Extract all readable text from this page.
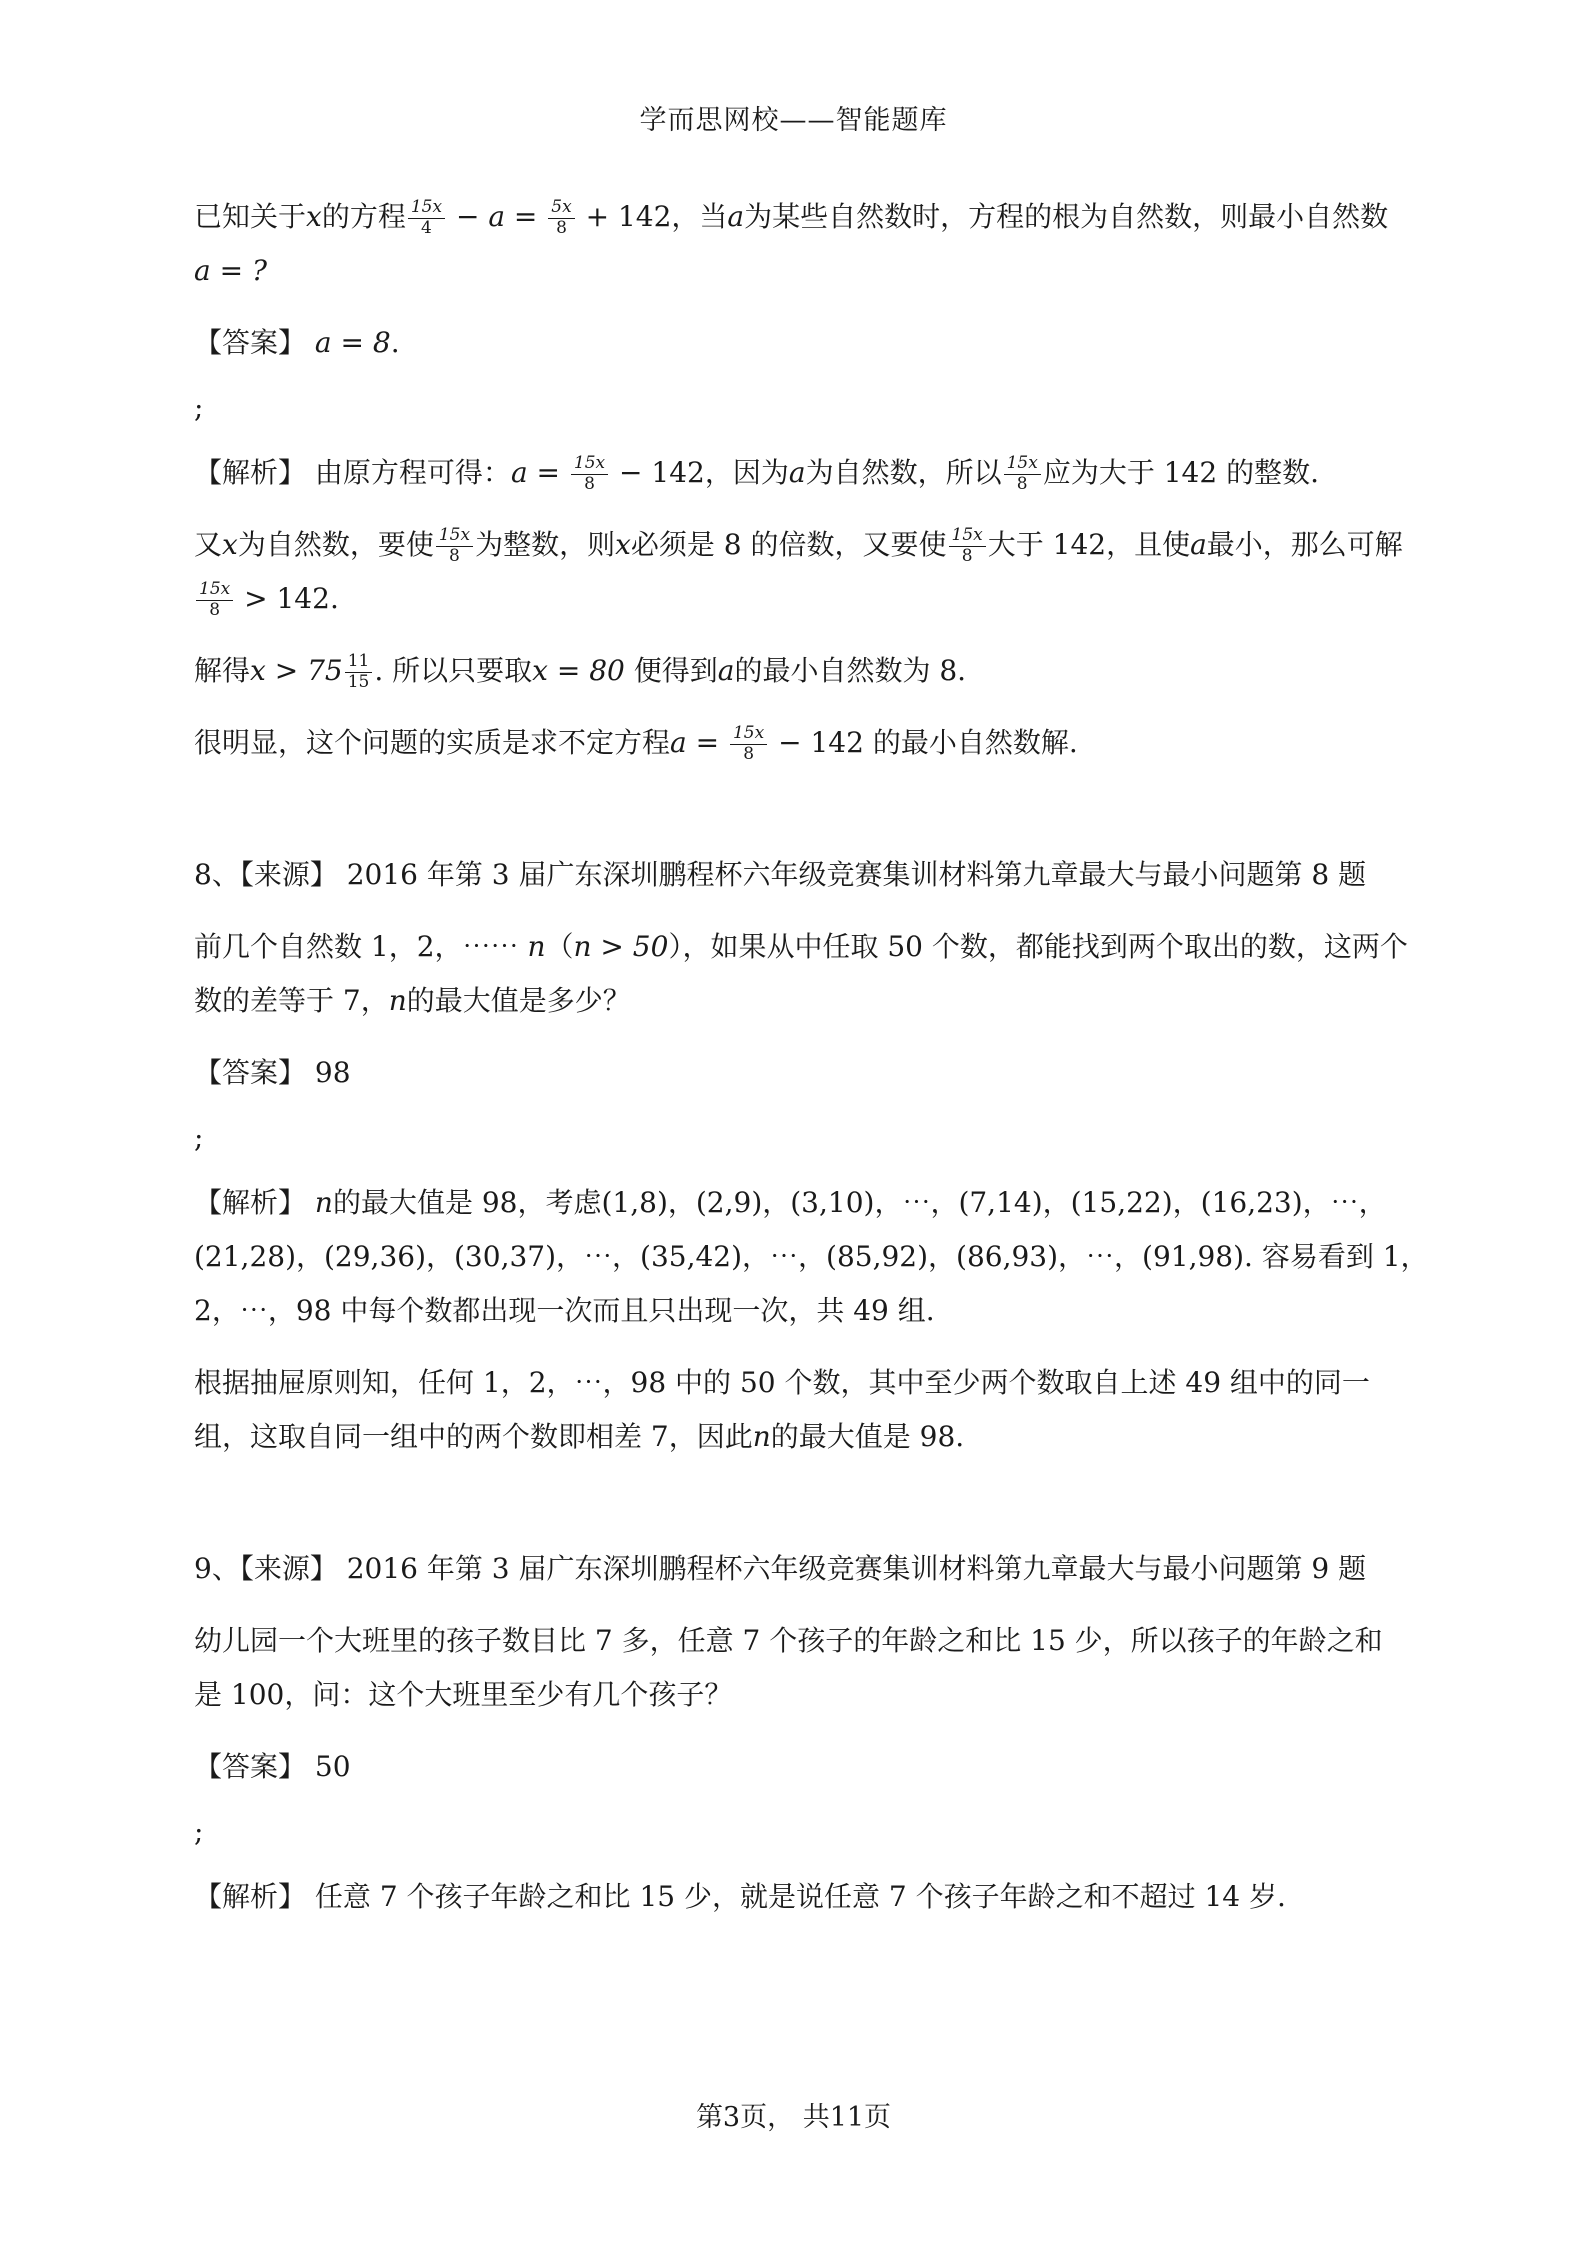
学而思网校——智能题库
已知关于x的方程 $\frac{15x}{4} - a = \frac{5x}{8} + 142$，当a为某些自然数时，方程的根为自然数，则最小自然数
a = ?
【答案】 a = 8.
;
【解析】 由原方程可得：$a = \frac{15x}{8} - 142$，因为a为自然数，所以 $\frac{15x}{8}$ 应为大于 142 的整数.
又x为自然数，要使 $\frac{15x}{8}$ 为整数，则x必须是 8 的倍数，又要使 $\frac{15x}{8}$ 大于 142，且使a最小，那么可解
$\frac{15x}{8} > 142$.
解得$x > 75 \frac{11}{15}$ . 所以只要取x = 80 便得到a的最小自然数为 8.
很明显，这个问题的实质是求不定方程$a = \frac{15x}{8} - 142$ 的最小自然数解.
8、【来源】 2016 年第 3 届广东深圳鹏程杯六年级竞赛集训材料第九章最大与最小问题第 8 题
前几个自然数 1，2，⋯⋯ n（n > 50），如果从中任取 50 个数，都能找到两个取出的数，这两个
数的差等于 7，n的最大值是多少？
【答案】 98
;
【解析】 n的最大值是 98，考虑(1,8)，(2,9)，(3,10)，⋯，(7,14)，(15,22)，(16,23)，⋯，
(21,28)，(29,36)，(30,37)，⋯，(35,42)，⋯，(85,92)，(86,93)，⋯，(91,98). 容易看到 1，
2，⋯，98 中每个数都出现一次而且只出现一次，共 49 组.
根据抽屉原则知，任何 1，2，⋯，98 中的 50 个数，其中至少两个数取自上述 49 组中的同一
组，这取自同一组中的两个数即相差 7，因此n的最大值是 98.
9、【来源】 2016 年第 3 届广东深圳鹏程杯六年级竞赛集训材料第九章最大与最小问题第 9 题
幼儿园一个大班里的孩子数目比 7 多，任意 7 个孩子的年龄之和比 15 少，所以孩子的年龄之和
是 100，问：这个大班里至少有几个孩子？
【答案】 50
;
【解析】 任意 7 个孩子年龄之和比 15 少，就是说任意 7 个孩子年龄之和不超过 14 岁.
第3页， 共11页
